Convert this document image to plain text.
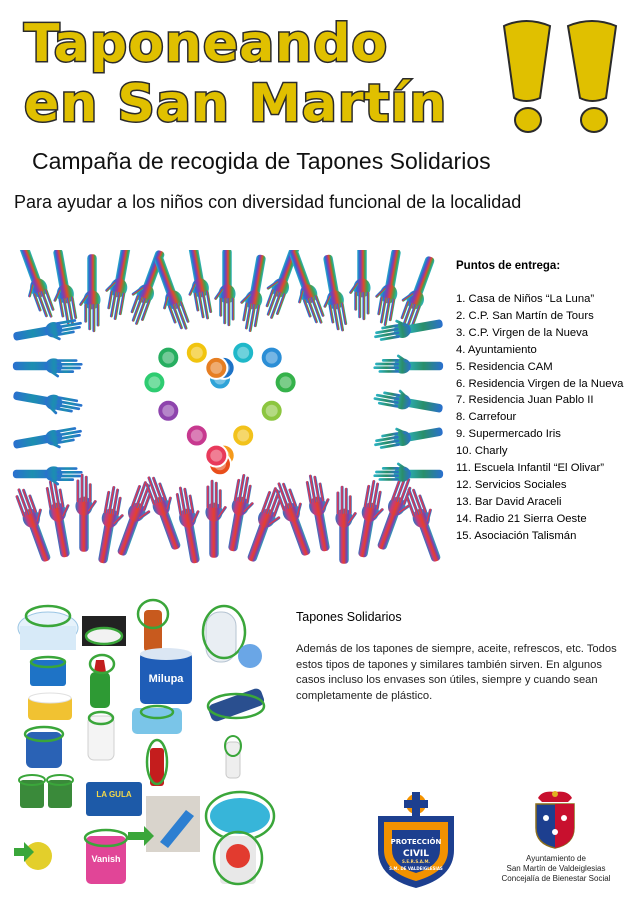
Taponeando
en San Martín
Campaña de recogida de Tapones Solidarios
Para ayudar a los niños con diversidad funcional de la localidad
Puntos de entrega:
1. Casa de Niños “La Luna”
2. C.P. San Martín de Tours
3. C.P. Virgen de la Nueva
4. Ayuntamiento
5. Residencia CAM
6. Residencia Virgen de la Nueva
7. Residencia Juan Pablo II
8. Carrefour
9. Supermercado Iris
10. Charly
11. Escuela Infantil “El Olivar”
12. Servicios Sociales
13. Bar David Araceli
14. Radio 21 Sierra Oeste
15. Asociación Talismán
Milupa
LA GULA
Vanish
Tapones Solidarios

Además de los tapones de siempre, aceite, refrescos, etc. Todos estos tipos de tapones y similares también sirven. En algunos casos incluso los envases son útiles, siempre y cuando sean completamente de plástico.

PROTECCIÓN
CIVIL
S.E.R.S.A.M.
S.M. DE VALDEIGLESIAS
Ayuntamiento de
San Martín de Valdeiglesias
Concejalía de Bienestar Social
